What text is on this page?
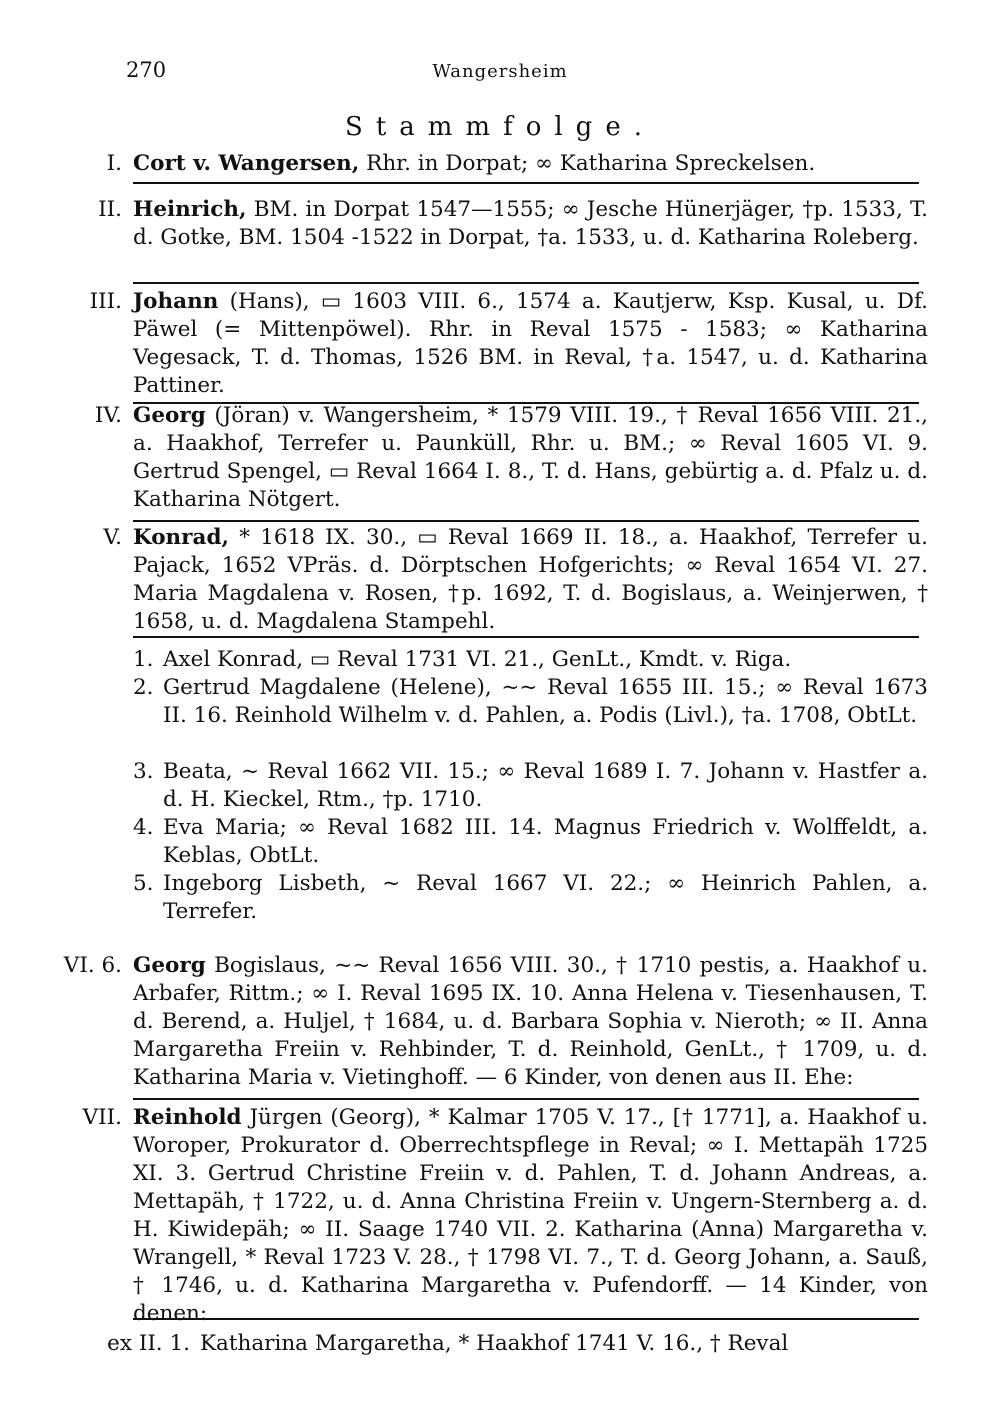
270	Wangersheim
Stammfolge.
I. Cort v. Wangersen, Rhr. in Dorpat; ∞ Katharina Spreckelsen.
II. Heinrich, BM. in Dorpat 1547—1555; ∞ Jesche Hünerjäger, †p. 1533, T. d. Gotke, BM. 1504 -1522 in Dorpat, †a. 1533, u. d. Katharina Roleberg.
III. Johann (Hans), ▭ 1603 VIII. 6., 1574 a. Kautjerw, Ksp. Kusal, u. Df. Päwel (= Mittenpöwel). Rhr. in Reval 1575 - 1583; ∞ Katharina Vegesack, T. d. Thomas, 1526 BM. in Reval, †a. 1547, u. d. Katharina Pattiner.
IV. Georg (Jöran) v. Wangersheim, * 1579 VIII. 19., † Reval 1656 VIII. 21., a. Haakhof, Terrefer u. Paunküll, Rhr. u. BM.; ∞ Reval 1605 VI. 9. Gertrud Spengel, ▭ Reval 1664 I. 8., T. d. Hans, gebürtig a. d. Pfalz u. d. Katharina Nötgert.
V. Konrad, * 1618 IX. 30., ▭ Reval 1669 II. 18., a. Haakhof, Terrefer u. Pajack, 1652 VPräs. d. Dörptschen Hofgerichts; ∞ Reval 1654 VI. 27. Maria Magdalena v. Rosen, †p. 1692, T. d. Bogislaus, a. Weinjerwen, † 1658, u. d. Magdalena Stampehl.
1. Axel Konrad, ▭ Reval 1731 VI. 21., GenLt., Kmdt. v. Riga.
2. Gertrud Magdalene (Helene), ~~ Reval 1655 III. 15.; ∞ Reval 1673 II. 16. Reinhold Wilhelm v. d. Pahlen, a. Podis (Livl.), †a. 1708, ObtLt.
3. Beata, ~ Reval 1662 VII. 15.; ∞ Reval 1689 I. 7. Johann v. Hastfer a. d. H. Kieckel, Rtm., †p. 1710.
4. Eva Maria; ∞ Reval 1682 III. 14. Magnus Friedrich v. Wolffeldt, a. Keblas, ObtLt.
5. Ingeborg Lisbeth, ~ Reval 1667 VI. 22.; ∞ Heinrich Pahlen, a. Terrefer.
VI. 6. Georg Bogislaus, ~~ Reval 1656 VIII. 30., † 1710 pestis, a. Haakhof u. Arbafer, Rittm.; ∞ I. Reval 1695 IX. 10. Anna Helena v. Tiesenhausen, T. d. Berend, a. Huljel, † 1684, u. d. Barbara Sophia v. Nieroth; ∞ II. Anna Margaretha Freiin v. Rehbinder, T. d. Reinhold, GenLt., † 1709, u. d. Katharina Maria v. Vietinghoff. — 6 Kinder, von denen aus II. Ehe:
VII. Reinhold Jürgen (Georg), * Kalmar 1705 V. 17., [† 1771], a. Haakhof u. Woroper, Prokurator d. Oberrechtspflege in Reval; ∞ I. Mettapäh 1725 XI. 3. Gertrud Christine Freiin v. d. Pahlen, T. d. Johann Andreas, a. Mettapäh, † 1722, u. d. Anna Christina Freiin v. Ungern-Sternberg a. d. H. Kiwidepäh; ∞ II. Saage 1740 VII. 2. Katharina (Anna) Margaretha v. Wrangell, * Reval 1723 V. 28., † 1798 VI. 7., T. d. Georg Johann, a. Sauß, † 1746, u. d. Katharina Margaretha v. Pufendorff. — 14 Kinder, von denen:
ex II. 1. Katharina Margaretha, * Haakhof 1741 V. 16., † Reval
